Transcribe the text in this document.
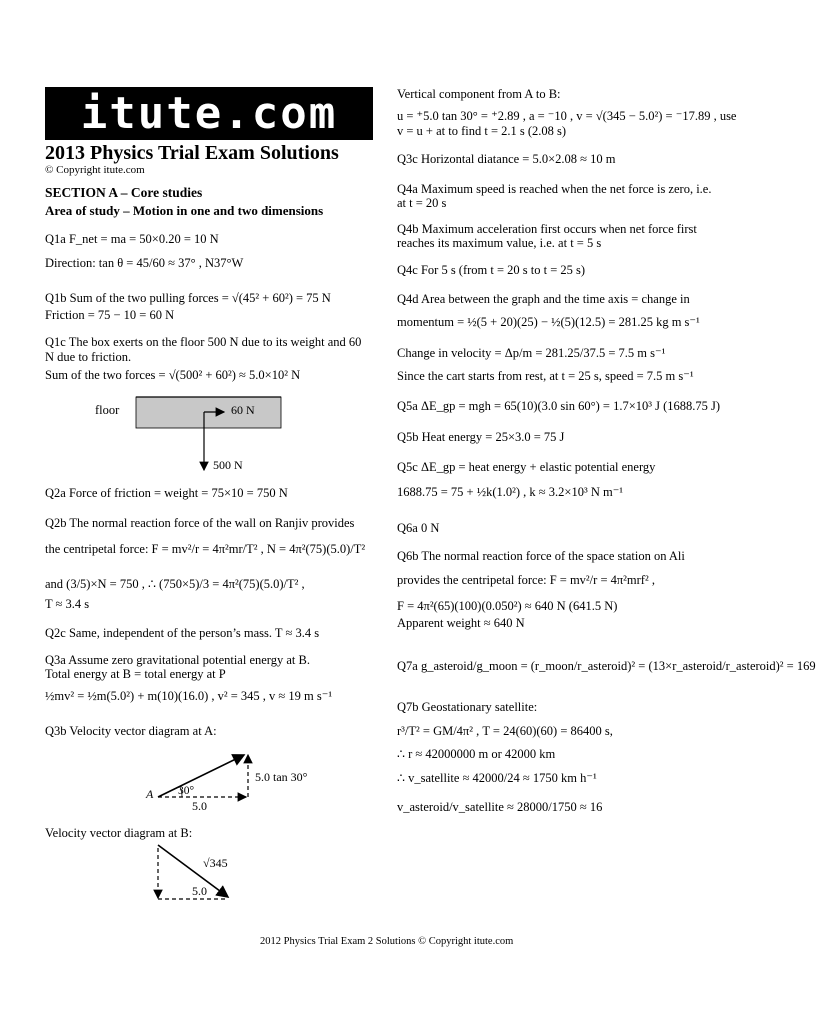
itute.com
2013 Physics Trial Exam Solutions
© Copyright itute.com
SECTION A – Core studies
Area of study – Motion in one and two dimensions
Q1a F_net = ma = 50×0.20 = 10 N
Direction: tan θ = 45/60 ≈ 37° , N37°W
Q1b Sum of the two pulling forces = √(45² + 60²) = 75 N
Friction = 75 − 10 = 60 N
Q1c The box exerts on the floor 500 N due to its weight and 60
N due to friction.
Sum of the two forces = √(500² + 60²) ≈ 5.0×10² N
floor	60 N
500 N
Q2a Force of friction = weight = 75×10 = 750 N
Q2b The normal reaction force of the wall on Ranjiv provides
the centripetal force: F = mv²/r = 4π²mr/T² , N = 4π²(75)(5.0)/T²
and (3/5)×N = 750 , ∴ (750×5)/3 = 4π²(75)(5.0)/T² ,
T ≈ 3.4 s
Q2c Same, independent of the person’s mass. T ≈ 3.4 s
Q3a Assume zero gravitational potential energy at B.
Total energy at B = total energy at P
½mv² = ½m(5.0²) + m(10)(16.0) , v² = 345 , v ≈ 19 m s⁻¹
Q3b Velocity vector diagram at A:
5.0 tan 30°
30°
5.0
A
Velocity vector diagram at B:
√345
5.0
Vertical component from A to B:
u = ⁺5.0 tan 30° = ⁺2.89 , a = ⁻10 , v = √(345 − 5.0²) = ⁻17.89 , use
v = u + at to find t = 2.1 s (2.08 s)
Q3c Horizontal diatance = 5.0×2.08 ≈ 10 m
Q4a Maximum speed is reached when the net force is zero, i.e.
at t = 20 s
Q4b Maximum acceleration first occurs when net force first
reaches its maximum value, i.e. at t = 5 s
Q4c For 5 s (from t = 20 s to t = 25 s)
Q4d Area between the graph and the time axis = change in
momentum = ½(5 + 20)(25) − ½(5)(12.5) = 281.25 kg m s⁻¹
Change in velocity = Δp/m = 281.25/37.5 = 7.5 m s⁻¹
Since the cart starts from rest, at t = 25 s, speed = 7.5 m s⁻¹
Q5a ΔE_gp = mgh = 65(10)(3.0 sin 60°) = 1.7×10³ J (1688.75 J)
Q5b Heat energy = 25×3.0 = 75 J
Q5c ΔE_gp = heat energy + elastic potential energy
1688.75 = 75 + ½k(1.0²) , k ≈ 3.2×10³ N m⁻¹
Q6a 0 N
Q6b The normal reaction force of the space station on Ali
provides the centripetal force: F = mv²/r = 4π²mrf² ,
F = 4π²(65)(100)(0.050²) ≈ 640 N (641.5 N)
Apparent weight ≈ 640 N
Q7a g_asteroid/g_moon = (r_moon/r_asteroid)² = (13×r_asteroid/r_asteroid)² = 169
Q7b Geostationary satellite:
r³/T² = GM/4π² , T = 24(60)(60) = 86400 s,
∴ r ≈ 42000000 m or 42000 km
∴ v_satellite ≈ 42000/24 ≈ 1750 km h⁻¹
v_asteroid/v_satellite ≈ 28000/1750 ≈ 16
2012 Physics Trial Exam 2 Solutions © Copyright itute.com
